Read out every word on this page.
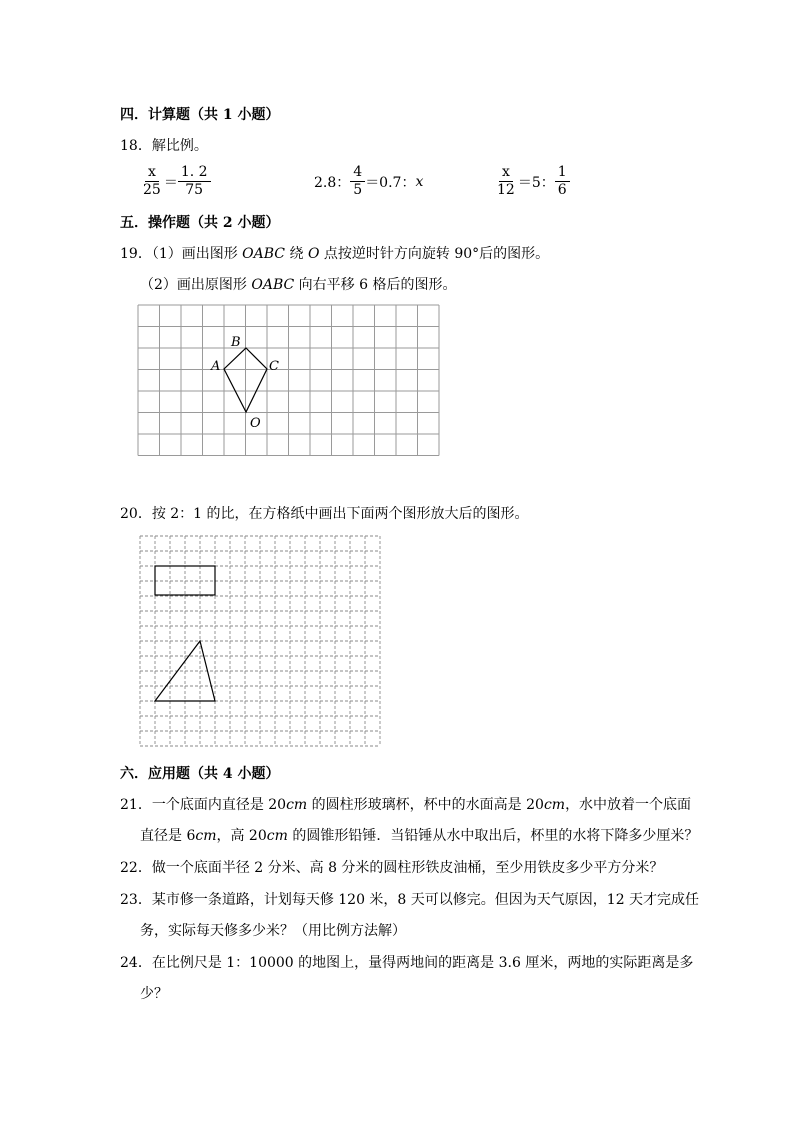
四．计算题（共 1 小题）
18．解比例。
$\frac{x}{25} = \frac{1. 2}{75}$	2.8： $\frac{4}{5} =0.7$： x	$\frac{x}{12} =5$： $\frac{1}{6}$
五．操作题（共 2 小题）
19．（1）画出图形 OABC 绕 O 点按逆时针方向旋转 90°后的图形。
（2）画出原图形 OABC 向右平移 6 格后的图形。
B
A	C
O
20．按 2：1 的比，在方格纸中画出下面两个图形放大后的图形。
六．应用题（共 4 小题）
21．一个底面内直径是 20cm 的圆柱形玻璃杯，杯中的水面高是 20cm，水中放着一个底面
直径是 6cm，高 20cm 的圆锥形铅锤．当铅锤从水中取出后，杯里的水将下降多少厘米？
22．做一个底面半径 2 分米、高 8 分米的圆柱形铁皮油桶，至少用铁皮多少平方分米？
23．某市修一条道路，计划每天修 120 米，8 天可以修完。但因为天气原因，12 天才完成任
务，实际每天修多少米？（用比例方法解）
24．在比例尺是 1：10000 的地图上，量得两地间的距离是 3.6 厘米，两地的实际距离是多
少？
